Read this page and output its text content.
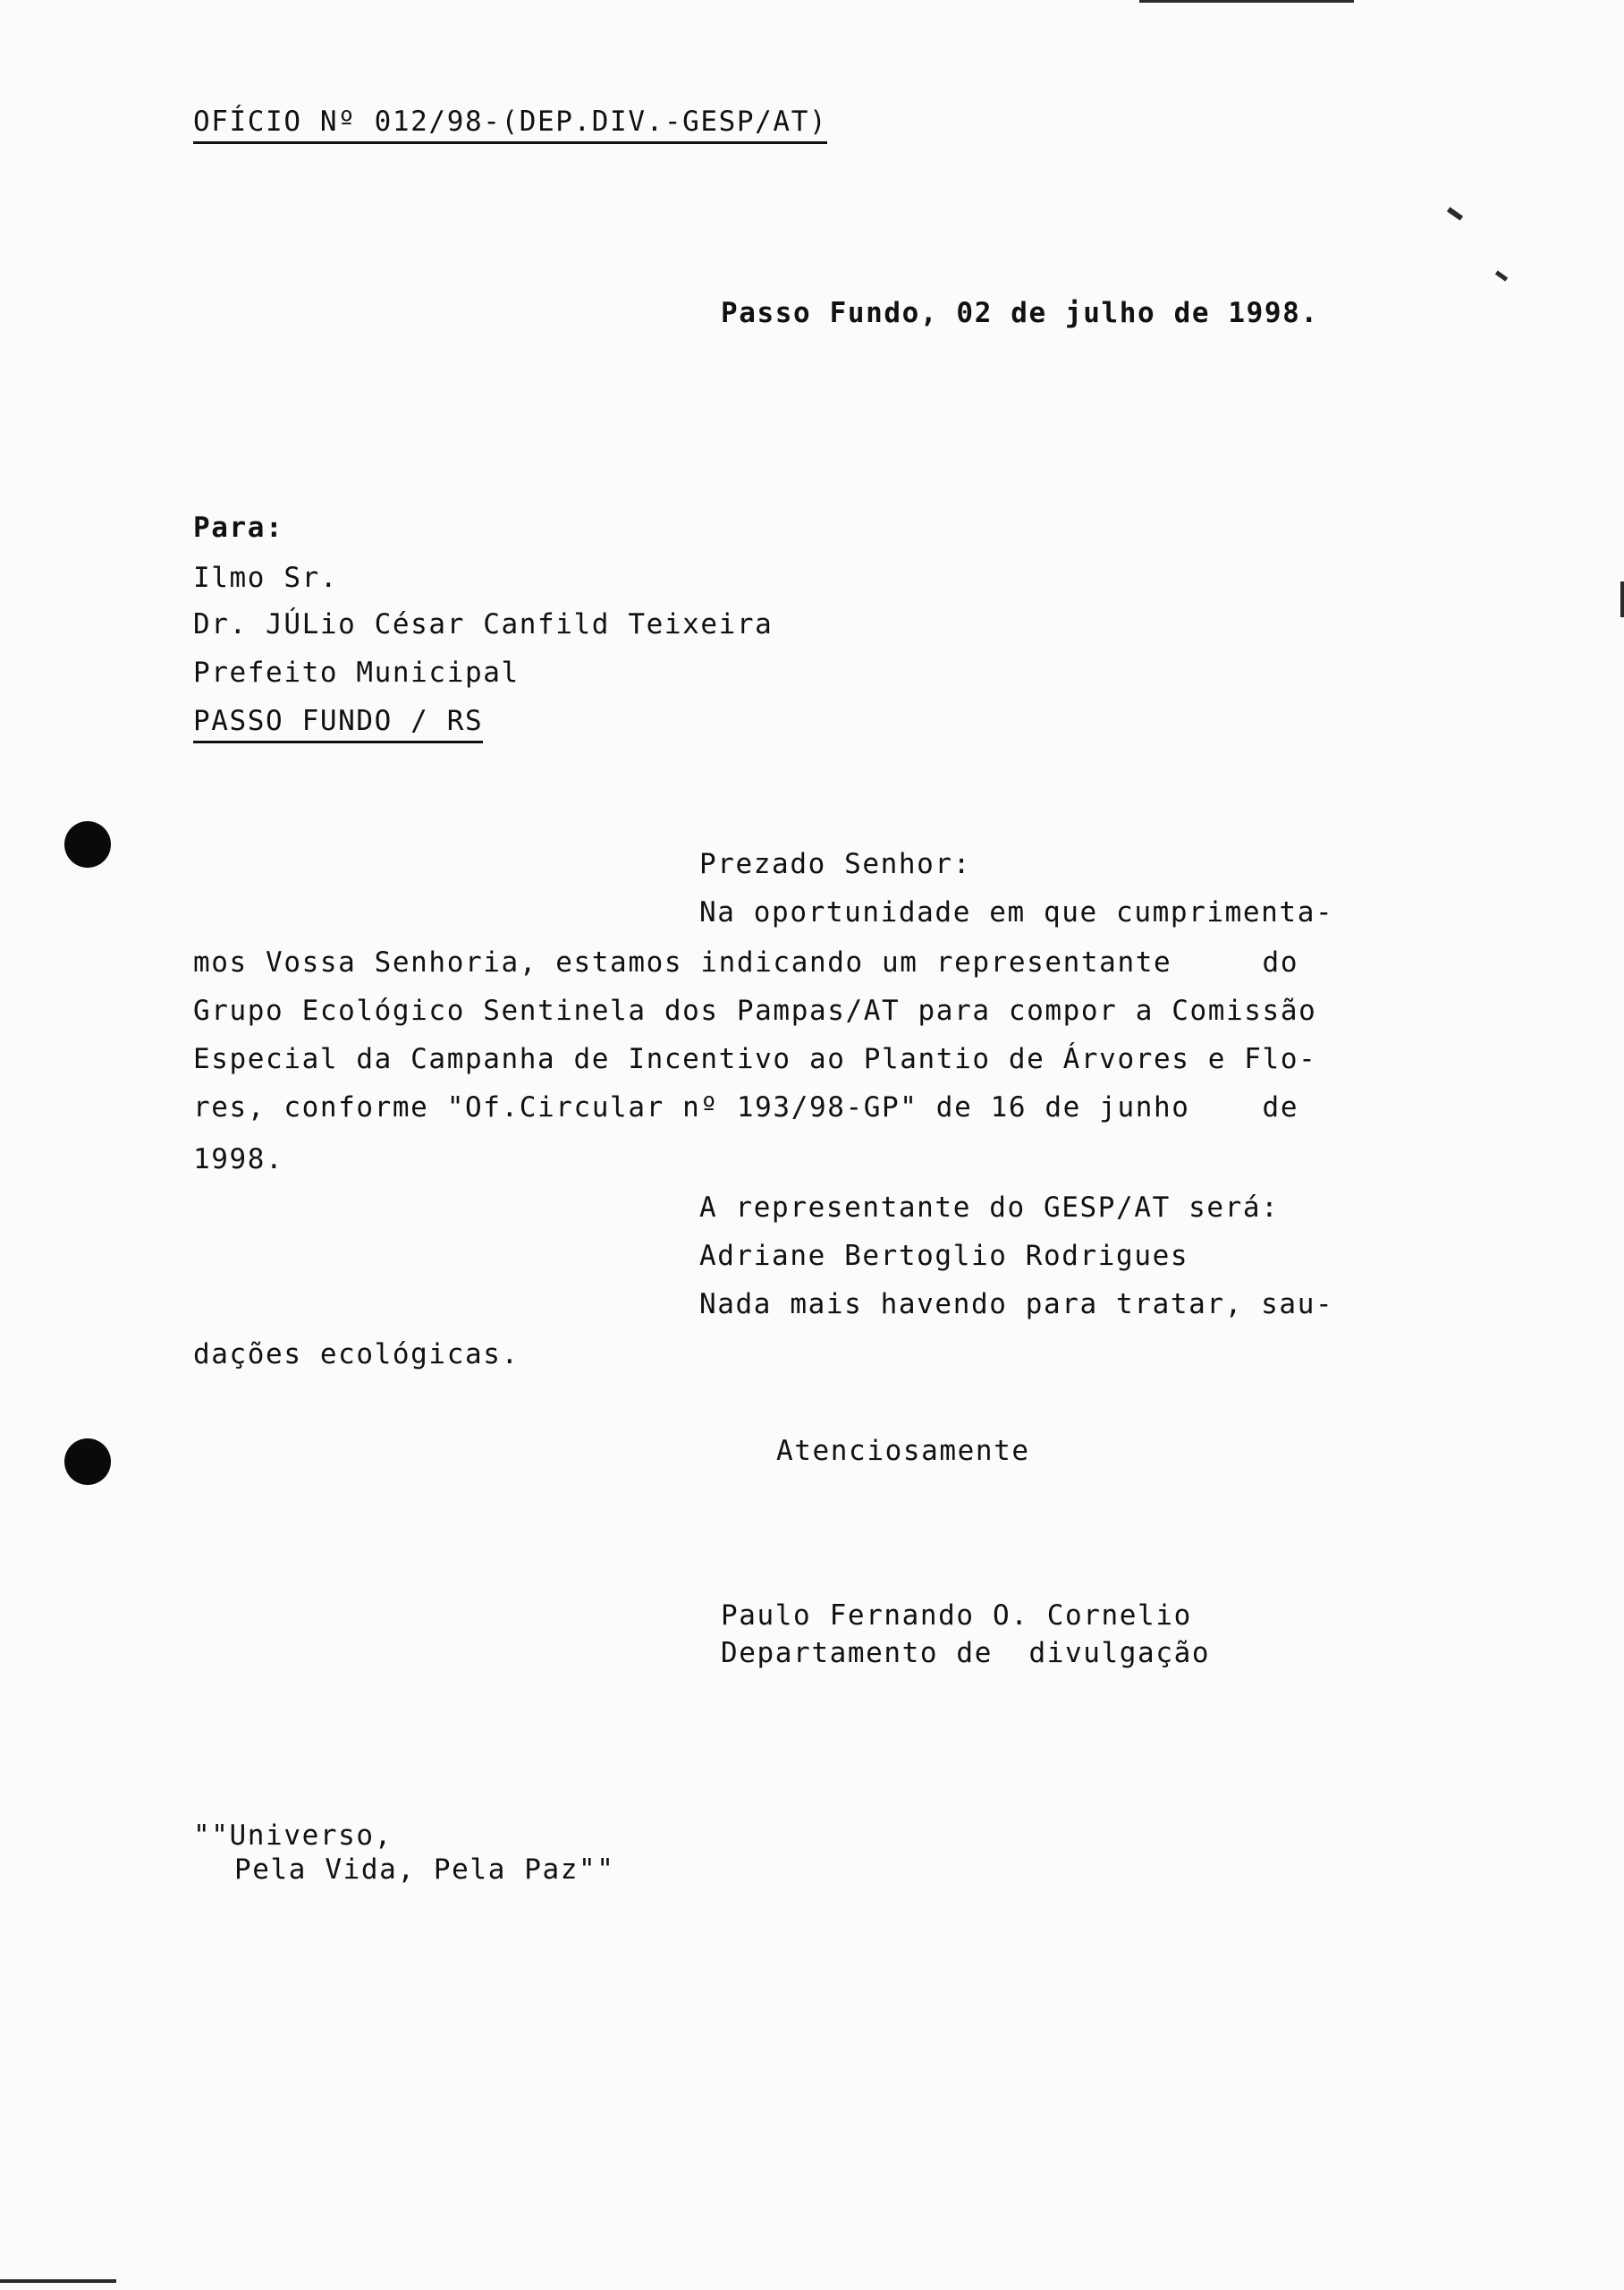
OFÍCIO Nº 012/98-(DEP.DIV.-GESP/AT)
Passo Fundo, 02 de julho de 1998.
Para:
Ilmo Sr.
Dr. JÚLio César Canfild Teixeira
Prefeito Municipal
PASSO FUNDO / RS
Prezado Senhor:
Na oportunidade em que cumprimenta-
mos Vossa Senhoria, estamos indicando um representante     do
Grupo Ecológico Sentinela dos Pampas/AT para compor a Comissão
Especial da Campanha de Incentivo ao Plantio de Árvores e Flo-
res, conforme "Of.Circular nº 193/98-GP" de 16 de junho    de
1998.
A representante do GESP/AT será:
Adriane Bertoglio Rodrigues
Nada mais havendo para tratar, sau-
dações ecológicas.
Atenciosamente
Paulo Fernando O. Cornelio
Departamento de  divulgação
""Universo,
Pela Vida, Pela Paz""
